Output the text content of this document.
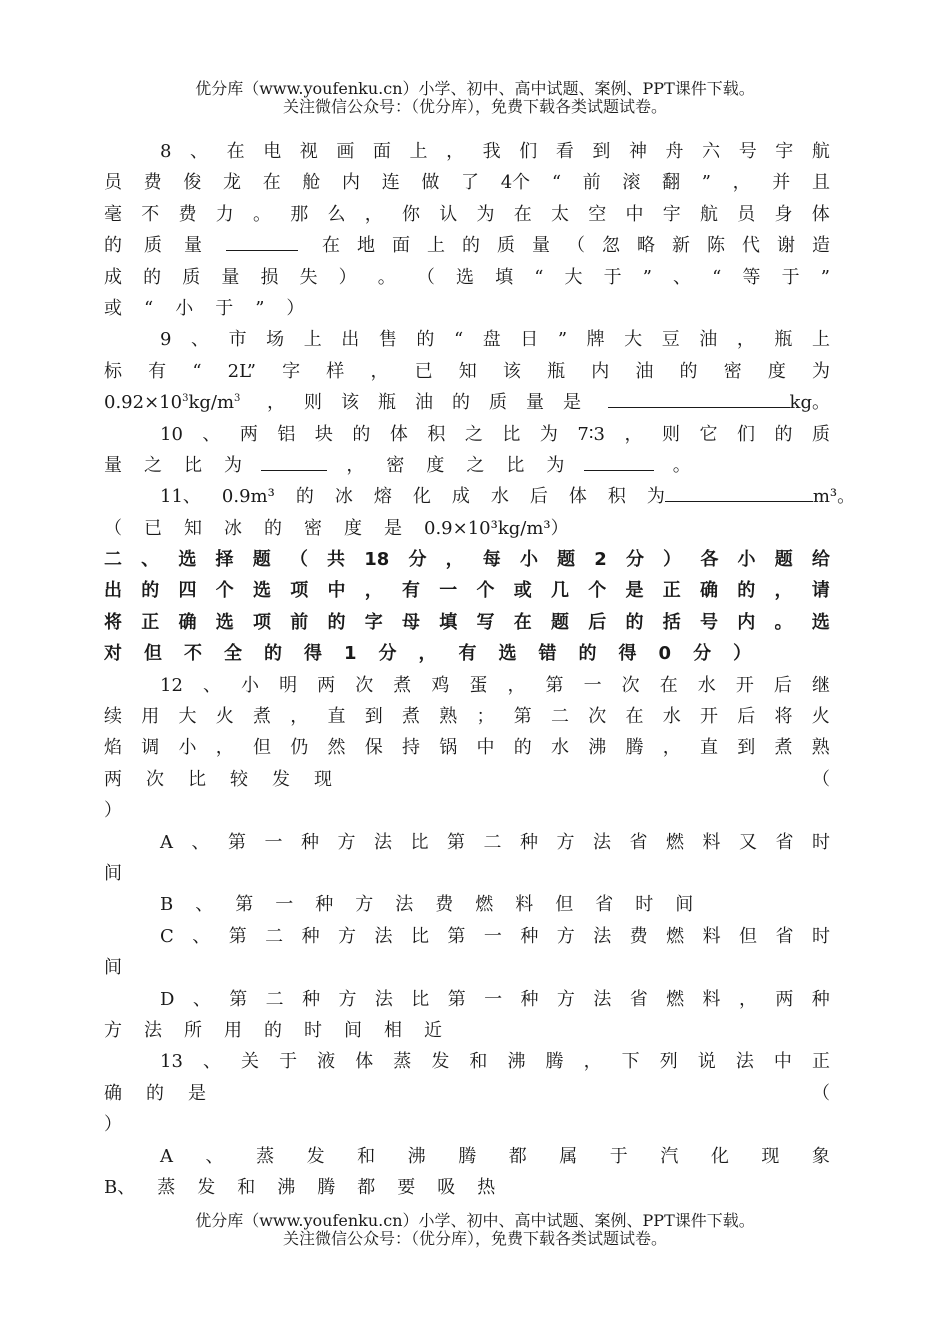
优分库（www.youfenku.cn）小学、初中、高中试题、案例、PPT课件下载。
关注微信公众号：（优分库），免费下载各类试题试卷。
8 、 在 电 视 画 面 上 ， 我 们 看 到 神 舟 六 号 宇 航
员 费 俊 龙 在 舱 内 连 做 了 4个 “ 前 滚 翻 ” ， 并 且
毫 不 费 力 。 那 么 ， 你 认 为 在 太 空 中 宇 航 员 身 体
的 质 量	在 地 面 上 的 质 量 （ 忽 略 新 陈 代 谢 造
成 的 质 量 损 失 ） 。 （ 选 填 “ 大 于 ” 、 “ 等 于 ”
或 “ 小 于 ” ）
9 、 市 场 上 出 售 的 “ 盘 日 ” 牌 大 豆 油 ， 瓶 上
标 有 “ 2L” 字 样 ， 已 知 该 瓶 内 油 的 密 度 为
$0.92\times 10^3kg/m^3$ ， 则 该 瓶 油 的 质 量 是	kg。
10 、 两 铝 块 的 体 积 之 比 为 7∶3 ， 则 它 们 的 质
量 之 比 为	， 密 度 之 比 为	。
11、 0.9m³ 的 冰 熔 化 成 水 后 体 积 为	m³。
（ 已 知 冰 的 密 度 是 0.9×10³kg/m³）
二 、 选 择 题 （ 共 18 分 ， 每 小 题 2 分 ） 各 小 题 给
出 的 四 个 选 项 中 ， 有 一 个 或 几 个 是 正 确 的 ， 请
将 正 确 选 项 前 的 字 母 填 写 在 题 后 的 括 号 内 。 选
对 但 不 全 的 得 1 分 ， 有 选 错 的 得 0 分 ）
12 、 小 明 两 次 煮 鸡 蛋 ， 第 一 次 在 水 开 后 继
续 用 大 火 煮 ， 直 到 煮 熟 ； 第 二 次 在 水 开 后 将 火
焰 调 小 ， 但 仍 然 保 持 锅 中 的 水 沸 腾 ， 直 到 煮 熟
两 次 比 较 发 现	（
）
A 、 第 一 种 方 法 比 第 二 种 方 法 省 燃 料 又 省 时
间
B 、 第 一 种 方 法 费 燃 料 但 省 时 间
C 、 第 二 种 方 法 比 第 一 种 方 法 费 燃 料 但 省 时
间
D 、 第 二 种 方 法 比 第 一 种 方 法 省 燃 料 ， 两 种
方 法 所 用 的 时 间 相 近
13 、 关 于 液 体 蒸 发 和 沸 腾 ， 下 列 说 法 中 正
确 的 是	（
）
A 、 蒸 发 和 沸 腾 都 属 于 汽 化 现 象
B、 蒸 发 和 沸 腾 都 要 吸 热
优分库（www.youfenku.cn）小学、初中、高中试题、案例、PPT课件下载。
关注微信公众号：（优分库），免费下载各类试题试卷。
